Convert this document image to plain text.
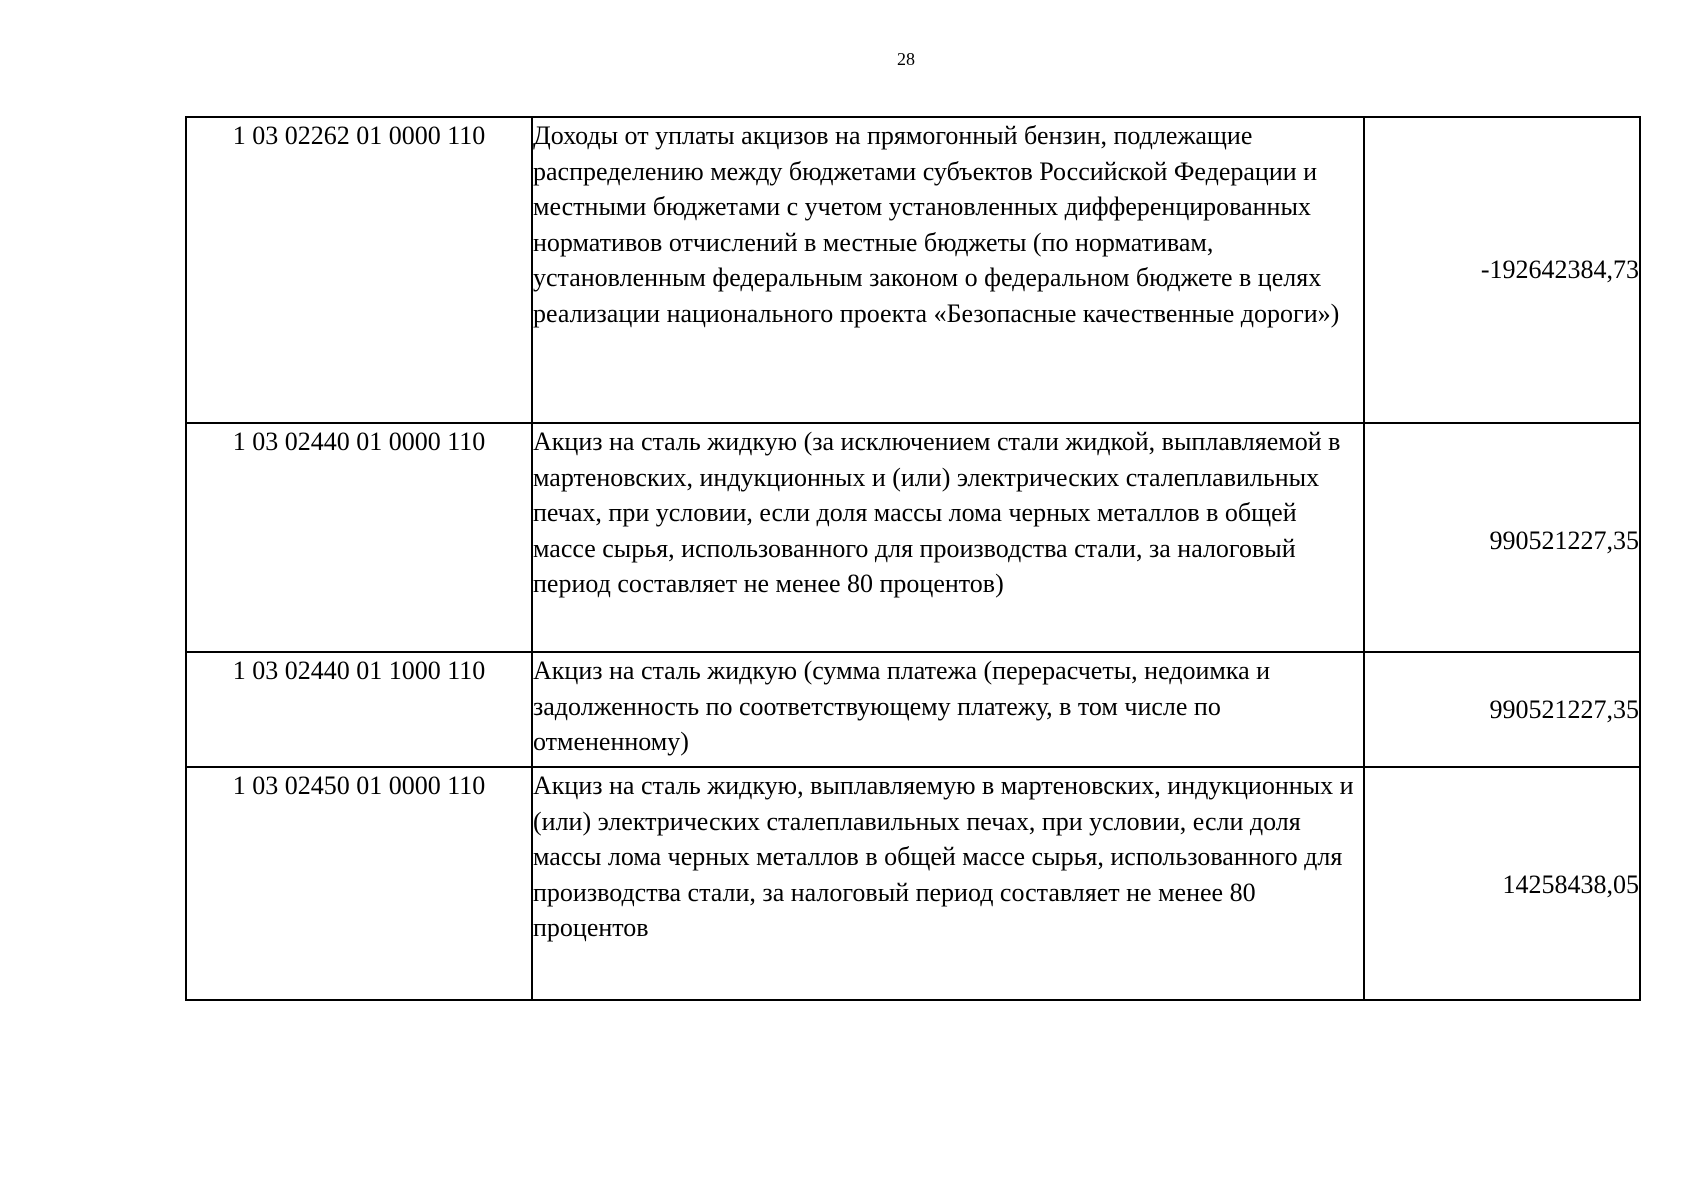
28
1 03 02262 01 0000 110	Доходы от уплаты акцизов на прямогонный бензин, подлежащие распределению между бюджетами субъектов Российской Федерации и местными бюджетами с учетом установленных дифференцированных нормативов отчислений в местные бюджеты (по нормативам, установленным федеральным законом о федеральном бюджете в целях реализации национального проекта «Безопасные качественные дороги»)	-192642384,73
1 03 02440 01 0000 110	Акциз на сталь жидкую (за исключением стали жидкой, выплавляемой в мартеновских, индукционных и (или) электрических сталеплавильных печах, при условии, если доля массы лома черных металлов в общей массе сырья, использованного для производства стали, за налоговый период составляет не менее 80 процентов)	990521227,35
1 03 02440 01 1000 110	Акциз на сталь жидкую (сумма платежа (перерасчеты, недоимка и задолженность по соответствующему платежу, в том числе по отмененному)	990521227,35
1 03 02450 01 0000 110	Акциз на сталь жидкую, выплавляемую в мартеновских, индукционных и (или) электрических сталеплавильных печах, при условии, если доля массы лома черных металлов в общей массе сырья, использованного для производства стали, за налоговый период составляет не менее 80 процентов	14258438,05
